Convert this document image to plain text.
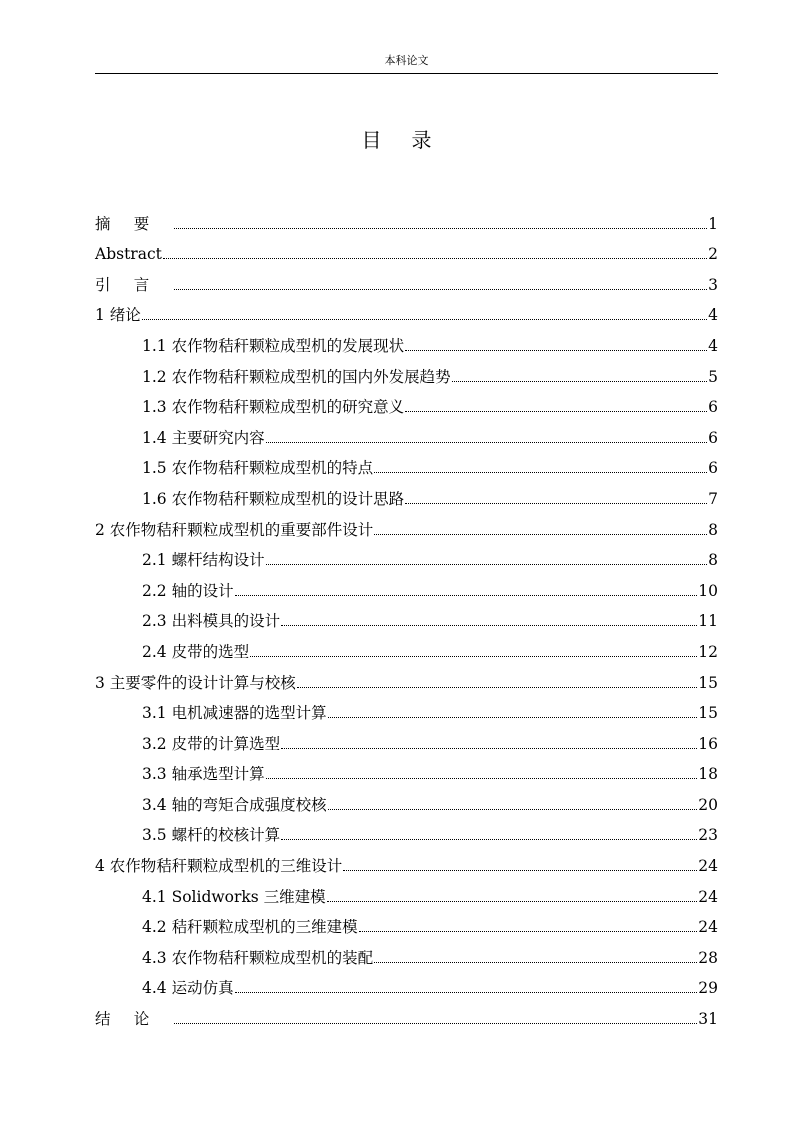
本科论文
目录
摘要	1
Abstract	2
引言	3
1 绪论	4
1.1 农作物秸秆颗粒成型机的发展现状	4
1.2 农作物秸秆颗粒成型机的国内外发展趋势	5
1.3 农作物秸秆颗粒成型机的研究意义	6
1.4 主要研究内容	6
1.5 农作物秸秆颗粒成型机的特点	6
1.6 农作物秸秆颗粒成型机的设计思路	7
2 农作物秸秆颗粒成型机的重要部件设计	8
2.1 螺杆结构设计	8
2.2 轴的设计	10
2.3 出料模具的设计	11
2.4 皮带的选型	12
3 主要零件的设计计算与校核	15
3.1 电机减速器的选型计算	15
3.2 皮带的计算选型	16
3.3 轴承选型计算	18
3.4 轴的弯矩合成强度校核	20
3.5 螺杆的校核计算	23
4 农作物秸秆颗粒成型机的三维设计	24
4.1 Solidworks 三维建模	24
4.2 秸秆颗粒成型机的三维建模	24
4.3 农作物秸秆颗粒成型机的装配	28
4.4 运动仿真	29
结论	31
